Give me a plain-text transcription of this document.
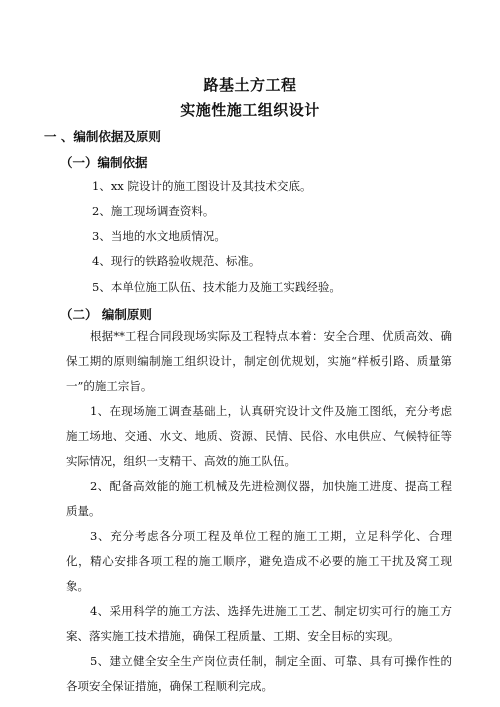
路基土方工程
实施性施工组织设计
一 、编制依据及原则
（一）编制依据
1、xx 院设计的施工图设计及其技术交底。
2、施工现场调查资料。
3、当地的水文地质情况。
4、现行的铁路验收规范、标准。
5、本单位施工队伍、技术能力及施工实践经验。
（二） 编制原则

根据**工程合同段现场实际及工程特点本着：安全合理、优质高效、确保工期的原则编制施工组织设计，制定创优规划，实施“样板引路、质量第一”的施工宗旨。

1、在现场施工调查基础上，认真研究设计文件及施工图纸，充分考虑施工场地、交通、水文、地质、资源、民情、民俗、水电供应、气候特征等实际情况，组织一支精干、高效的施工队伍。

2、配备高效能的施工机械及先进检测仪器，加快施工进度、提高工程质量。

3、充分考虑各分项工程及单位工程的施工工期，立足科学化、合理化，精心安排各项工程的施工顺序，避免造成不必要的施工干扰及窝工现象。

4、采用科学的施工方法、选择先进施工工艺、制定切实可行的施工方案、落实施工技术措施，确保工程质量、工期、安全目标的实现。

5、建立健全安全生产岗位责任制，制定全面、可靠、具有可操作性的各项安全保证措施，确保工程顺利完成。
